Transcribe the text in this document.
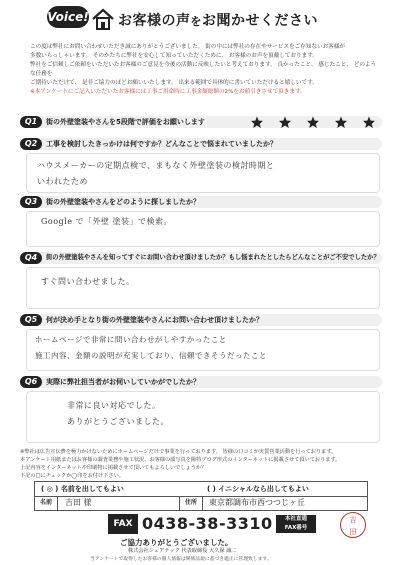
Voice! お客様の声をお聞かせください

この度は弊社にお問い合わせいただき誠にありがとうございました。 街の中には弊社の存在やサービスをご存知ないお客様が

多数いらっしゃいます。 そのかたちに弊社を安心して知っていただくために、 お客様のお声を頂戴しております。

弊社をご信頼しご依頼をいただいたお客様のご意見を今後の活動に反映したいと考えております。 良かったこと、 感じたこと、 どのような任務を

ご期待いただけて、 是非ご協力のほどお願いいたします。 出来る範囲で具体的に書いていただけると嬉しいです。

※本アンケートにご記入いただいたお客様には工事ご用命時に工事金額総額の2%をお値引きさせて頂きます。

Q1	街の外壁塗装やさんを5段階で評価をお願いします
Q2	工事を検討したきっかけは何ですか？どんなことで悩まれていましたか？
ハウスメーカーの定期点検で、まもなく外壁塗装の検討時期と
いわれたため
Q3	街の外壁塗装やさんをどのように探しましたか？
Google で「外壁 塗装」で検索。
Q4	街の外壁塗装やさんを知ってすぐにお問い合わせ頂けましたか？もし悩まれたとしたらどんなことがご不安でしたか？
すぐ問い合わせました。
Q5	何が決め手となり街の外壁塗装やさんにお問い合わせ頂けましたか？
ホームページで非常に問い合わせがしやすかったこと
施工内容、金額の説明が充実しており、信頼できそうだったこと
Q6	実際に弊社担当者がお伺いしていかがでしたか？
非常に良い対応でした。
ありがとうございました。

※弊社は広告宣伝費を極力かけないためにホームページだけで事業を行っております。 皆様の口コミが実質営業活動を行っております。

本アンケート用紙またはお客様の調査業務や施工状況、お客様の顔写真を陽特ブログ形式のインターネットに掲載させて頂いております。

上記内容をインターネットや印刷物に掲載させて頂いてもよろしいでしょうか？

下記の□にチェックか◯印をお付け下さい。

( ◎ ) 名前を出してもよい	( ) イニシャルなら出してもよい
名前	吉田 様	住所	東京都調布市西つつじヶ丘
FAX 0438-38-3310	本社直通
FAX番号
吉
田
ご協力ありがとうございました。
株式会社シェアテック 代表取締役 大久保 誠二
当アンケートで取得したお客様の個人情報は関係法規に基づき適正に管理致します。
